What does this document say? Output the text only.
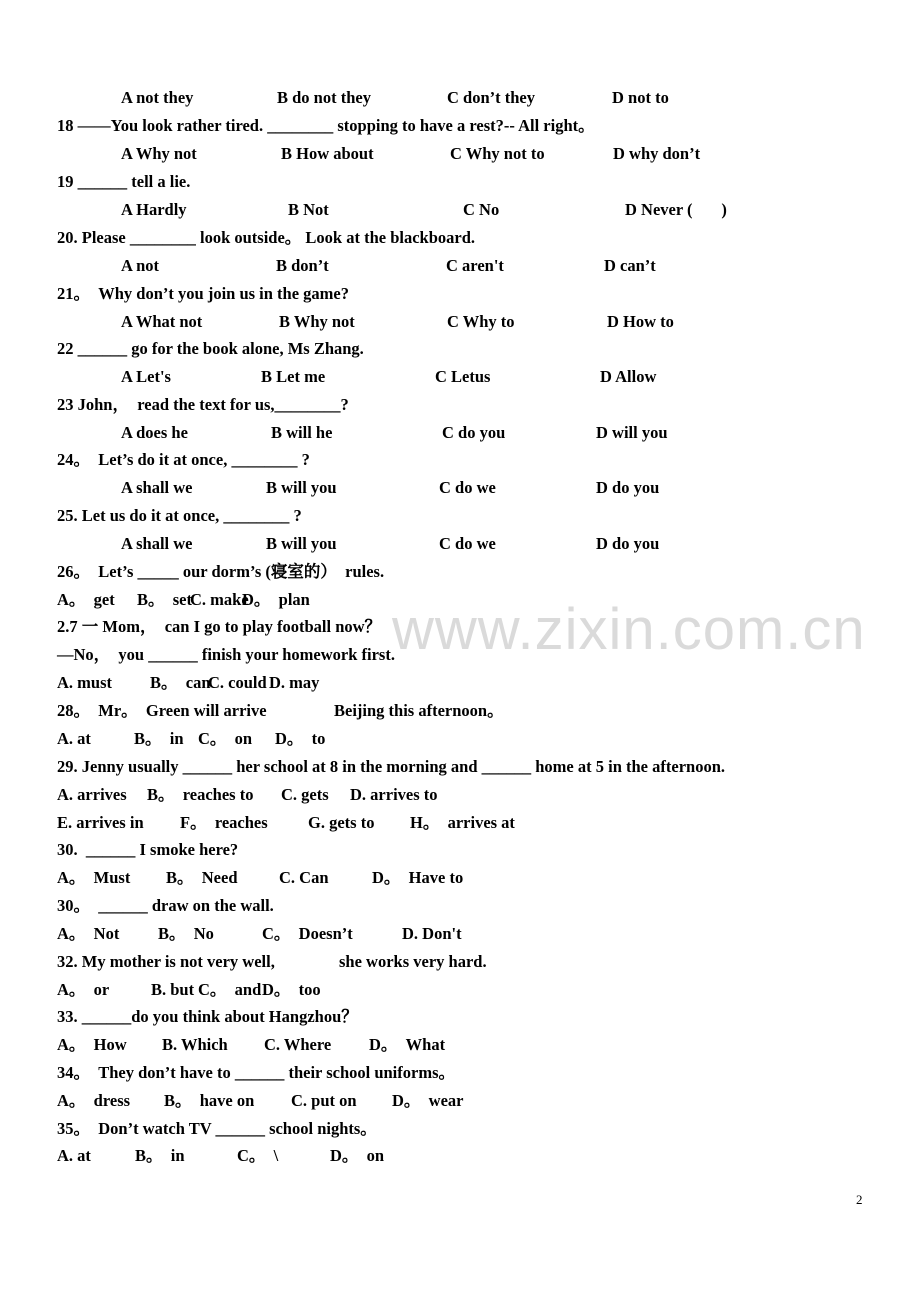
www.zixin.com.cn
2
A not they	B do not they	C don’t they	D not to
18 ——You look rather tired. ________ stopping to have a rest?-- All right。
A Why not	B How about	C Why not to	D why don’t
19 ______ tell a lie.
A Hardly	B Not	C No	D Never (       )
20. Please ________ look outside。 Look at the blackboard.
A not	B don’t	C aren't	D can’t
21。  Why don’t you join us in the game?
A What not	B Why not	C Why to	D How to
22 ______ go for the book alone, Ms Zhang.
A Let's	B Let me	C Letus	D Allow
23 John，  read the text for us,________?
A does he	B will he	C do you	D will you
24。  Let’s do it at once, ________ ?
A shall we	B will you	C do we	D do you
25. Let us do it at once, ________ ?
A shall we	B will you	C do we	D do you
26。  Let’s _____ our dorm’s (寝室的）  rules.
A。  get B。  set
C. make
D。  plan
2.7 一 Mom，  can I go to play football now？
—No，  you ______ finish your homework first.
A. must B。  can
C. could D. may
28。  Mr。  Green will arrive	Beijing this afternoon。
A. at	B。  in C。  on D。  to
29. Jenny usually ______ her school at 8 in the morning and ______ home at 5 in the afternoon.
A. arrives B。  reaches to C. gets D. arrives to
E. arrives in F。  reaches G. gets to H。  arrives at
30.  ______ I smoke here?
A。  Must B。  Need	C. Can	D。  Have to
30。  ______ draw on the wall.
A。  Not B。  No	C。  Doesn’t	D. Don't
32. My mother is not very well,	she works very hard.
A。  or	B. but C。  and D。  too
33. ______do you think about Hangzhou？
A。  How B. Which C. Where D。  What
34。  They don’t have to ______ their school uniforms。
A。  dress B。  have on C. put on D。  wear
35。  Don’t watch TV ______ school nights。
A. at	B。  in	C。  \	D。  on
